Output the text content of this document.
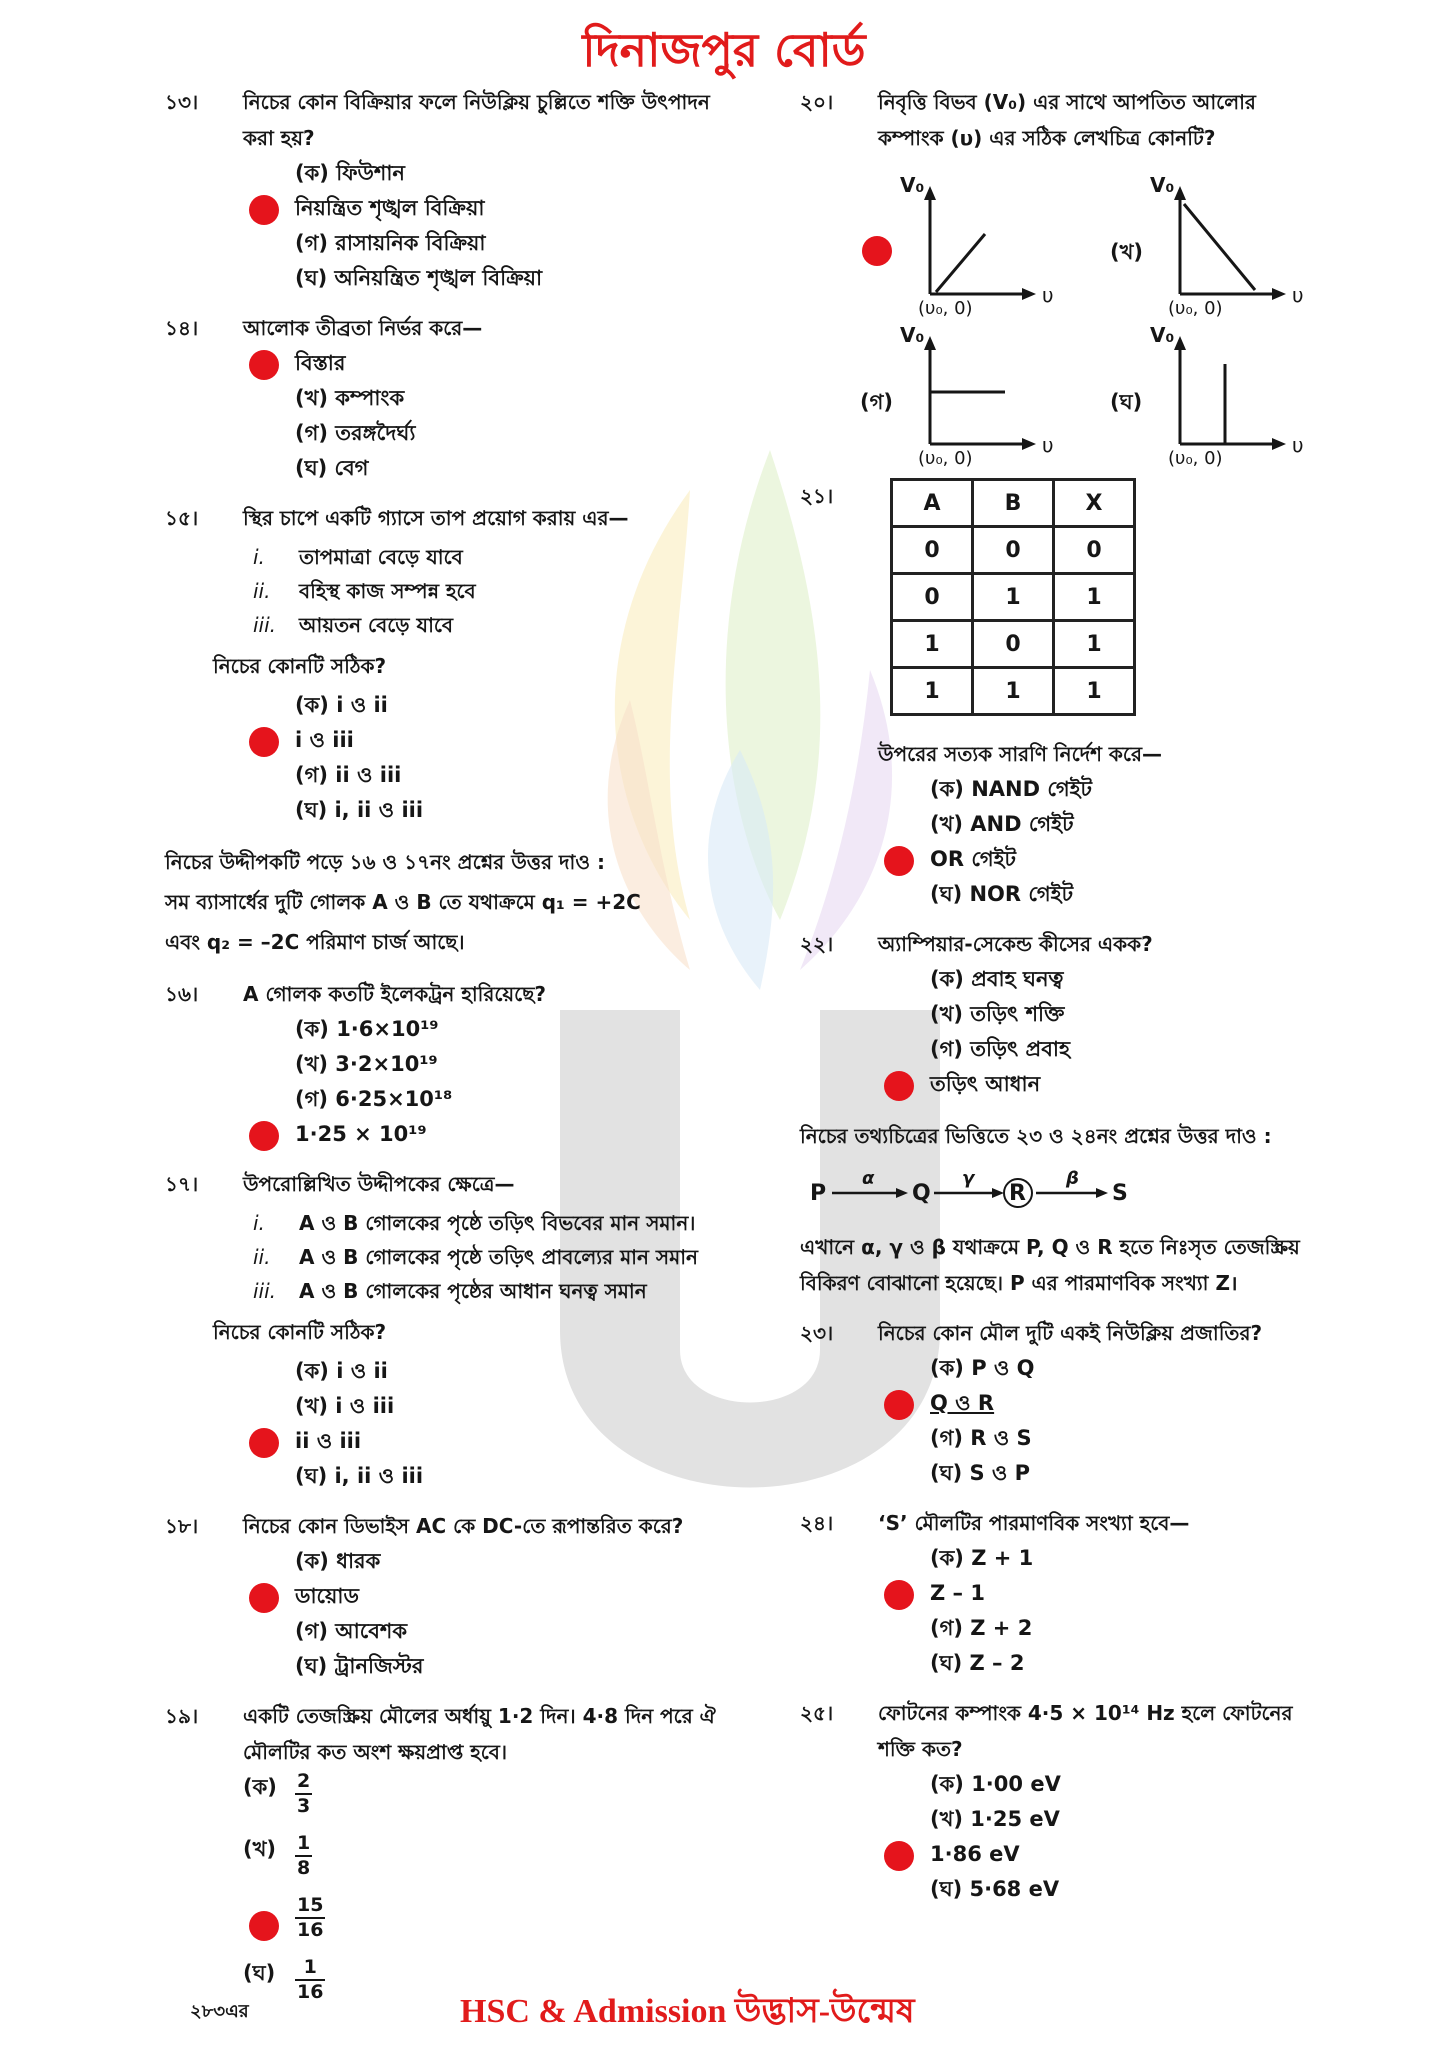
দিনাজপুর বোর্ড
১৩। নিচের কোন বিক্রিয়ার ফলে নিউক্লিয় চুল্লিতে শক্তি উৎপাদন করা হয়?
(ক) ফিউশান
নিয়ন্ত্রিত শৃঙ্খল বিক্রিয়া
(গ) রাসায়নিক বিক্রিয়া
(ঘ) অনিয়ন্ত্রিত শৃঙ্খল বিক্রিয়া
১৪। আলোক তীব্রতা নির্ভর করে—
বিস্তার
(খ) কম্পাংক
(গ) তরঙ্গদৈর্ঘ্য
(ঘ) বেগ
১৫। স্থির চাপে একটি গ্যাসে তাপ প্রয়োগ করায় এর—
i. তাপমাত্রা বেড়ে যাবে
ii. বহিস্থ কাজ সম্পন্ন হবে
iii. আয়তন বেড়ে যাবে
নিচের কোনটি সঠিক?
(ক) i ও ii
i ও iii
(গ) ii ও iii
(ঘ) i, ii ও iii
নিচের উদ্দীপকটি পড়ে ১৬ ও ১৭নং প্রশ্নের উত্তর দাও :
সম ব্যাসার্ধের দুটি গোলক A ও B তে যথাক্রমে q₁ = +2C
এবং q₂ = –2C পরিমাণ চার্জ আছে।
১৬। A গোলক কতটি ইলেকট্রন হারিয়েছে?
(ক) 1·6×10¹⁹
(খ) 3·2×10¹⁹
(গ) 6·25×10¹⁸
1·25 × 10¹⁹
১৭। উপরোল্লিখিত উদ্দীপকের ক্ষেত্রে—
i. A ও B গোলকের পৃষ্ঠে তড়িৎ বিভবের মান সমান।
ii. A ও B গোলকের পৃষ্ঠে তড়িৎ প্রাবল্যের মান সমান
iii. A ও B গোলকের পৃষ্ঠের আধান ঘনত্ব সমান
নিচের কোনটি সঠিক?
(ক) i ও ii
(খ) i ও iii
ii ও iii
(ঘ) i, ii ও iii
১৮। নিচের কোন ডিভাইস AC কে DC-তে রূপান্তরিত করে?
(ক) ধারক
ডায়োড
(গ) আবেশক
(ঘ) ট্রানজিস্টর
১৯। একটি তেজস্ক্রিয় মৌলের অর্ধায়ু 1·2 দিন। 4·8 দিন পরে ঐ মৌলটির কত অংশ ক্ষয়প্রাপ্ত হবে।
(ক) $\frac{2}{3}$
(খ)	$\frac{1}{8}$
$\frac{15}{16}$
(ঘ)	$\frac{1}{16}$
২০। নিবৃত্তি বিভব (V₀) এর সাথে আপতিত আলোর কম্পাংক (υ) এর সঠিক লেখচিত্র কোনটি?
V₀
υ
(υ₀, 0)
(খ)
V₀
υ
(υ₀, 0)
(গ)
V₀
υ
(υ₀, 0)
(ঘ)
V₀
υ
(υ₀, 0)
২১।	A	B	X
0	0	0
0	1	1
1	0	1
1	1	1
উপরের সত্যক সারণি নির্দেশ করে—
(ক) NAND গেইট
(খ) AND গেইট
OR গেইট
(ঘ) NOR গেইট
২২। অ্যাম্পিয়ার-সেকেন্ড কীসের একক?
(ক) প্রবাহ ঘনত্ব
(খ) তড়িৎ শক্তি
(গ) তড়িৎ প্রবাহ
তড়িৎ আধান
নিচের তথ্যচিত্রের ভিত্তিতে ২৩ ও ২৪নং প্রশ্নের উত্তর দাও :
P
α
Q
γ
R
β
S
এখানে α, γ ও β যথাক্রমে P, Q ও R হতে নিঃসৃত তেজস্ক্রিয় বিকিরণ বোঝানো হয়েছে। P এর পারমাণবিক সংখ্যা Z।
২৩। নিচের কোন মৌল দুটি একই নিউক্লিয় প্রজাতির?
(ক) P ও Q
Q ও R
(গ) R ও S
(ঘ) S ও P
২৪। ‘S’ মৌলটির পারমাণবিক সংখ্যা হবে—
(ক) Z + 1
Z – 1
(গ) Z + 2
(ঘ) Z – 2
২৫। ফোটনের কম্পাংক 4·5 × 10¹⁴ Hz হলে ফোটনের শক্তি কত?
(ক) 1·00 eV
(খ) 1·25 eV
1·86 eV
(ঘ) 5·68 eV
২৮৩এর	HSC & Admission উদ্ভাস-উন্মেষ
